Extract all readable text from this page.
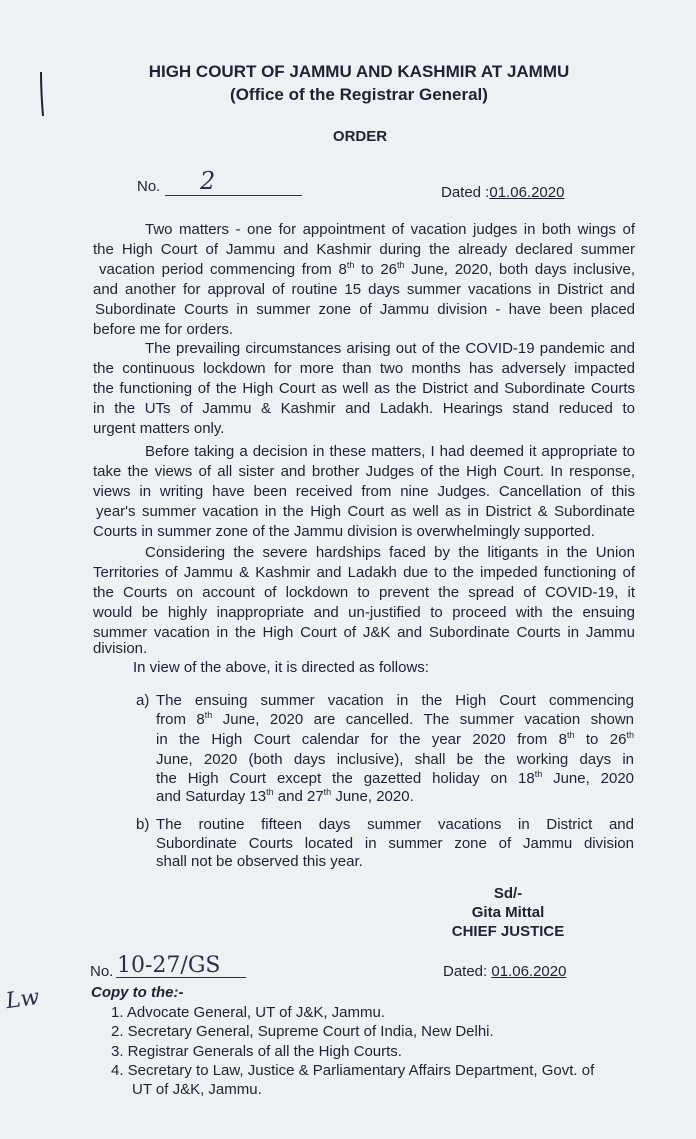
HIGH COURT OF JAMMU AND KASHMIR AT JAMMU
(Office of the Registrar General)
ORDER
No. 2	Dated :01.06.2020
Two matters - one for appointment of vacation judges in both wings of
the High Court of Jammu and Kashmir during the already declared summer
vacation period commencing from 8th to 26th June, 2020, both days inclusive,
and another for approval of routine 15 days summer vacations in District and
Subordinate Courts in summer zone of Jammu division - have been placed
before me for orders.
The prevailing circumstances arising out of the COVID-19 pandemic and
the continuous lockdown for more than two months has adversely impacted
the functioning of the High Court as well as the District and Subordinate Courts
in the UTs of Jammu & Kashmir and Ladakh. Hearings stand reduced to
urgent matters only.
Before taking a decision in these matters, I had deemed it appropriate to
take the views of all sister and brother Judges of the High Court. In response,
views in writing have been received from nine Judges. Cancellation of this
year's summer vacation in the High Court as well as in District & Subordinate
Courts in summer zone of the Jammu division is overwhelmingly supported.
Considering the severe hardships faced by the litigants in the Union
Territories of Jammu & Kashmir and Ladakh due to the impeded functioning of
the Courts on account of lockdown to prevent the spread of COVID-19, it
would be highly inappropriate and un-justified to proceed with the ensuing
summer vacation in the High Court of J&K and Subordinate Courts in Jammu
division.
In view of the above, it is directed as follows:
a) The ensuing summer vacation in the High Court commencing
from 8th June, 2020 are cancelled. The summer vacation shown
in the High Court calendar for the year 2020 from 8th to 26th
June, 2020 (both days inclusive), shall be the working days in
the High Court except the gazetted holiday on 18th June, 2020
and Saturday 13th and 27th June, 2020.
b) The routine fifteen days summer vacations in District and
Subordinate Courts located in summer zone of Jammu division
shall not be observed this year.
Sd/-
Gita Mittal
CHIEF JUSTICE
No. 10-27/GS	Dated: 01.06.2020
Lw	Copy to the:-
1. Advocate General, UT of J&K, Jammu.
2. Secretary General, Supreme Court of India, New Delhi.
3. Registrar Generals of all the High Courts.
4. Secretary to Law, Justice & Parliamentary Affairs Department, Govt. of
UT of J&K, Jammu.
